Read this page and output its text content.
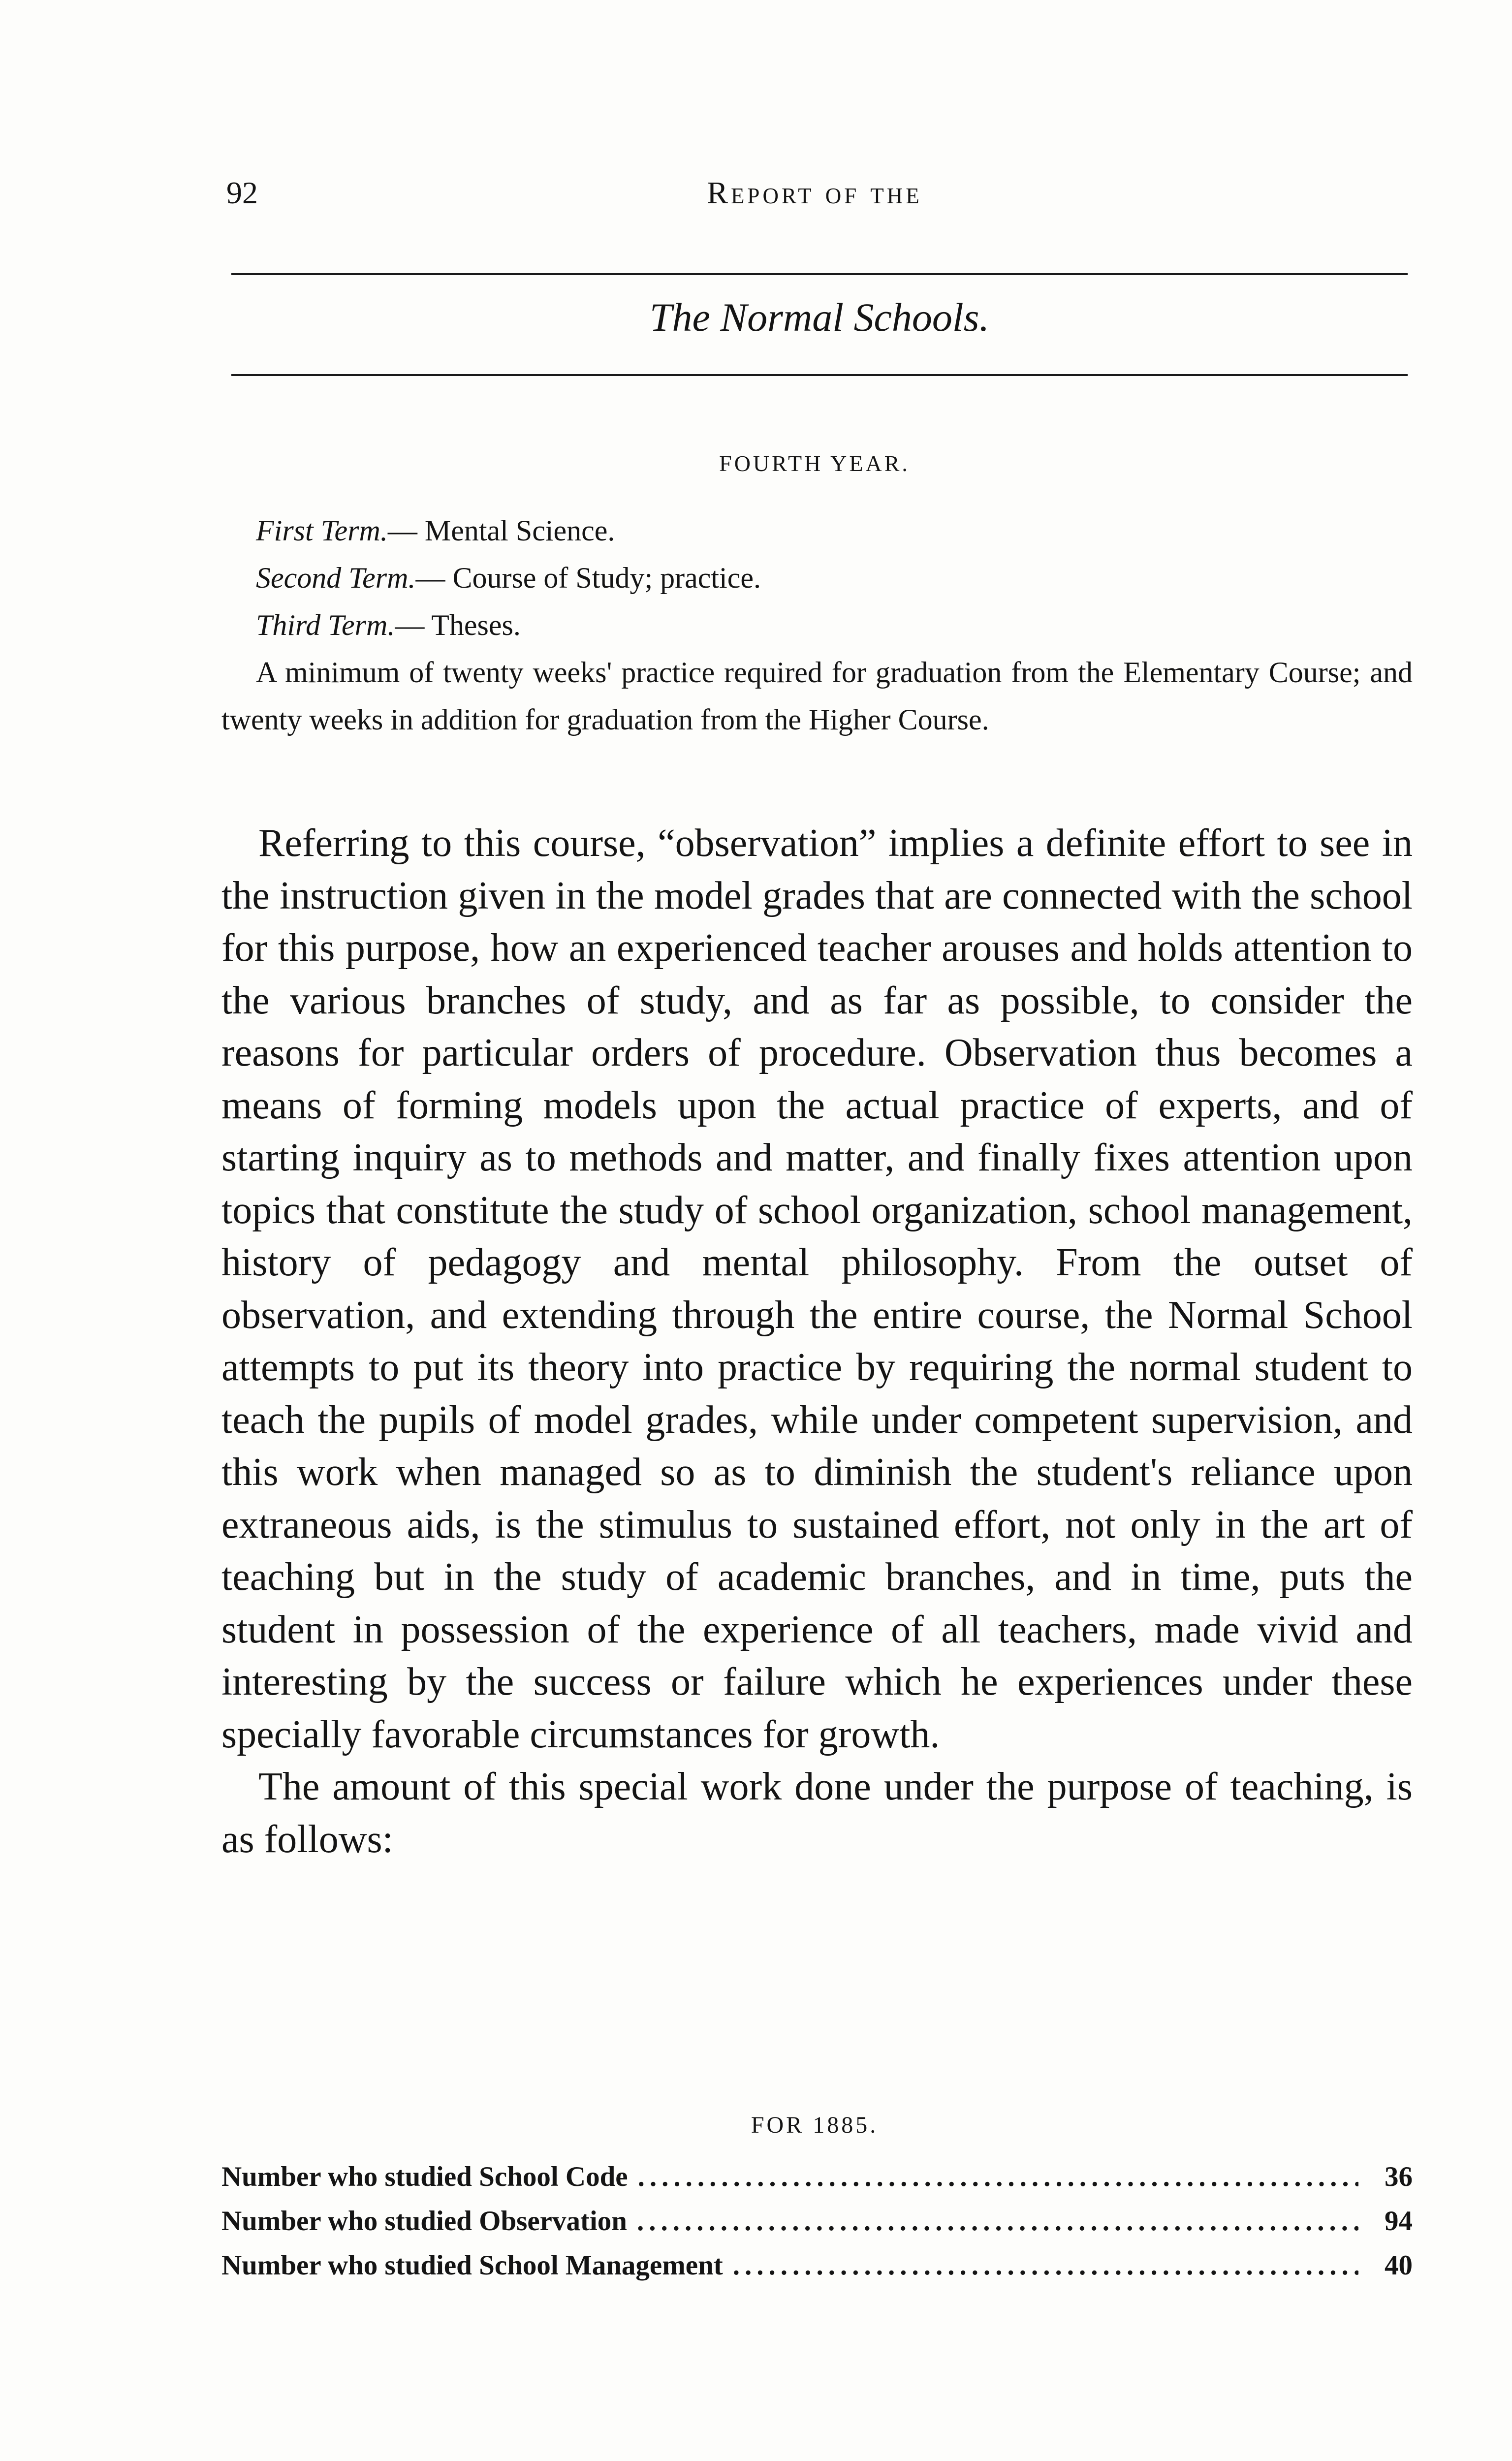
92	Report of the
The Normal Schools.
FOURTH YEAR.
First Term.— Mental Science.
Second Term.— Course of Study; practice.
Third Term.— Theses.

A minimum of twenty weeks' practice required for graduation from the Elementary Course; and twenty weeks in addition for graduation from the Higher Course.

Referring to this course, “observation” implies a definite effort to see in the instruction given in the model grades that are connected with the school for this purpose, how an experienced teacher arouses and holds attention to the various branches of study, and as far as possible, to consider the reasons for particular orders of procedure. Observation thus becomes a means of forming models upon the actual practice of experts, and of starting inquiry as to methods and matter, and finally fixes attention upon topics that constitute the study of school organization, school management, history of pedagogy and mental philosophy. From the outset of observation, and extending through the entire course, the Normal School attempts to put its theory into practice by requiring the normal student to teach the pupils of model grades, while under competent supervision, and this work when managed so as to diminish the student's reliance upon extraneous aids, is the stimulus to sustained effort, not only in the art of teaching but in the study of academic branches, and in time, puts the student in possession of the experience of all teachers, made vivid and interesting by the success or failure which he experiences under these specially favorable circumstances for growth.

The amount of this special work done under the purpose of teaching, is as follows:

FOR 1885.
Number who studied School Code .....	36
Number who studied Observation .....	94
Number who studied School Management .....	40
